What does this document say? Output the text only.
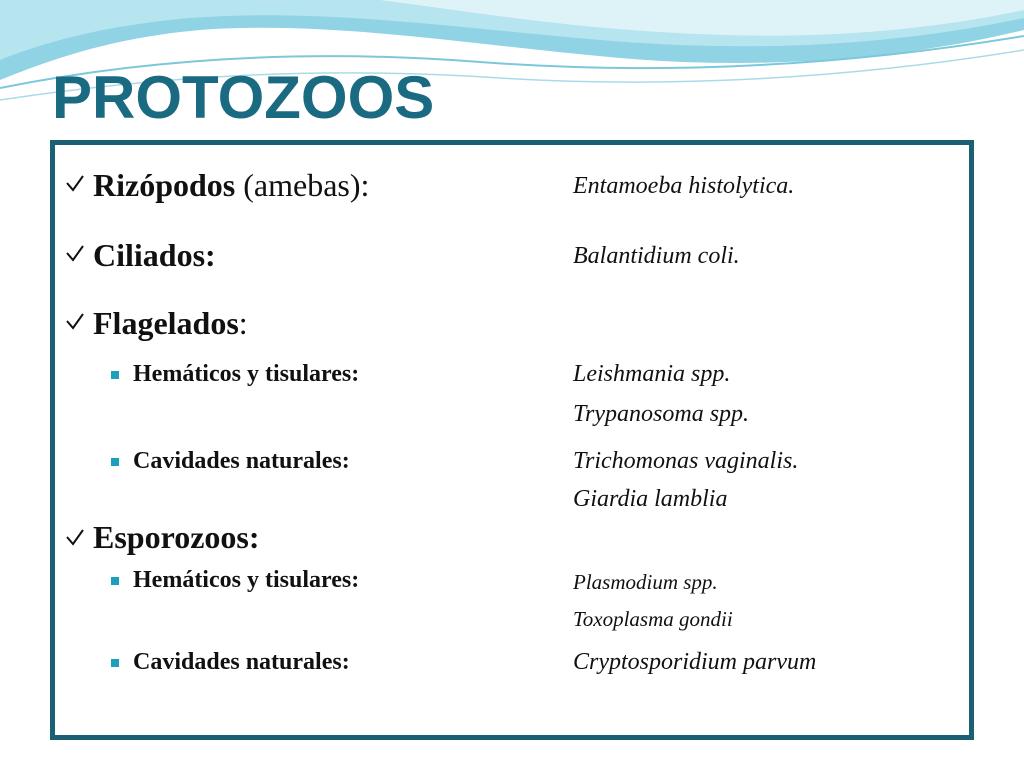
PROTOZOOS
Rizópodos (amebas):	Entamoeba histolytica.
Ciliados:	Balantidium coli.
Flagelados:
Hemáticos y tisulares:	Leishmania spp.
Trypanosoma spp.
Cavidades naturales:	Trichomonas vaginalis.
Giardia lamblia
Esporozoos:
Hemáticos y tisulares:	Plasmodium spp.
Toxoplasma gondii
Cavidades naturales:	Cryptosporidium parvum
